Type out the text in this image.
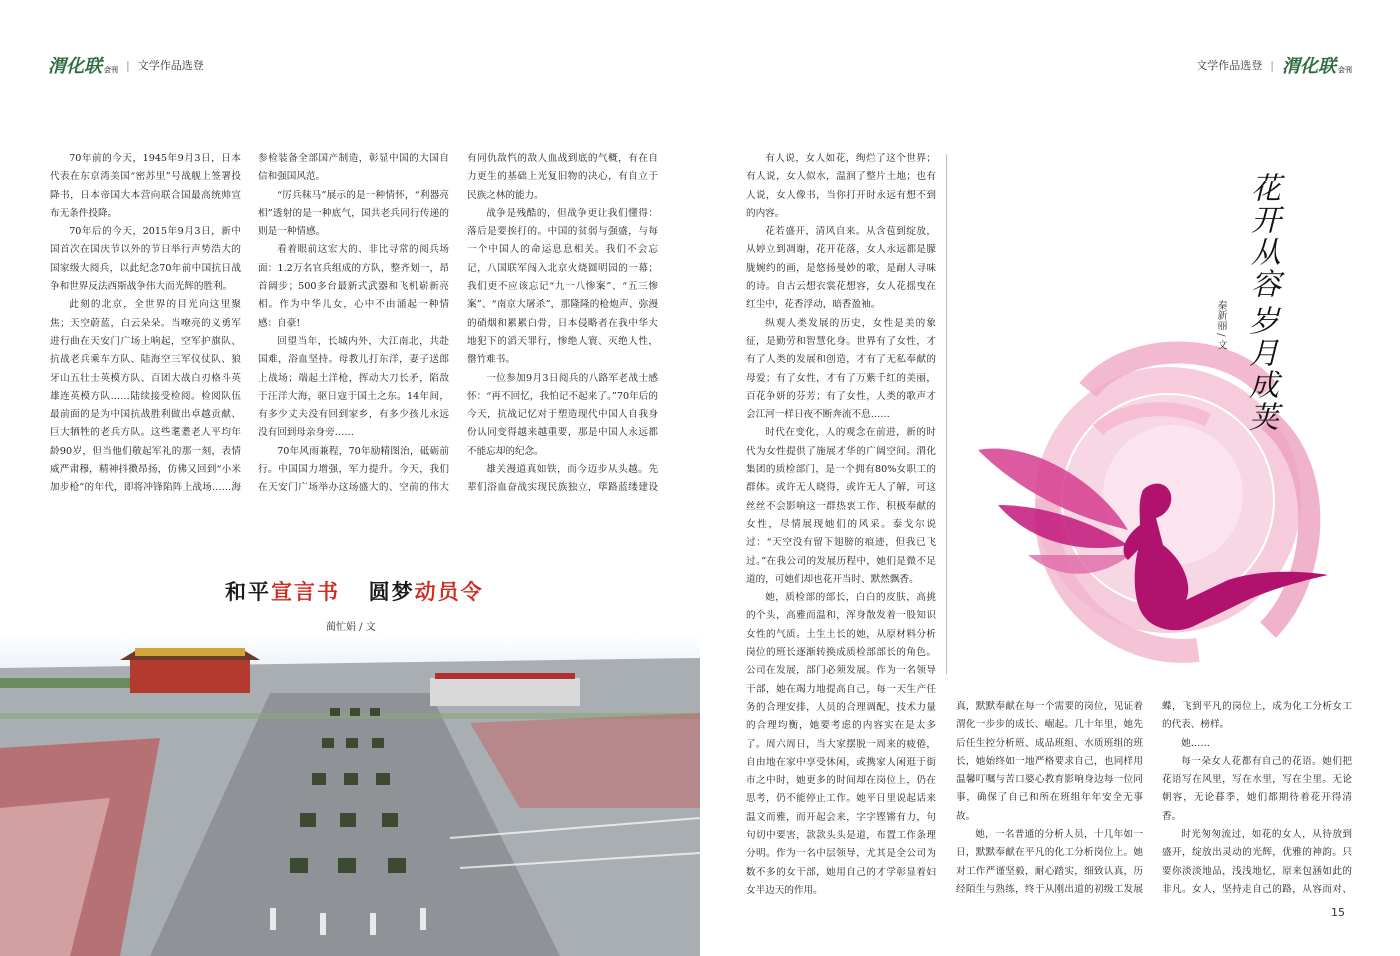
渭化联 会刊 | 文学作品选登	文学作品选登 | 渭化联 会刊

70年前的今天，1945年9月3日，日本代表在东京湾美国“密苏里”号战舰上签署投降书，日本帝国大本营向联合国最高统帅宣布无条件投降。

70年后的今天，2015年9月3日，新中国首次在国庆节以外的节日举行声势浩大的国家级大阅兵，以此纪念70年前中国抗日战争和世界反法西斯战争伟大而光辉的胜利。

此刻的北京，全世界的目光向这里聚焦；天空蔚蓝，白云朵朵。当嘹亮的义勇军进行曲在天安门广场上响起，空军护旗队、抗战老兵乘车方队、陆海空三军仪仗队、狼牙山五壮士英模方队、百团大战白刃格斗英雄连英模方队……陆续接受检阅。检阅队伍最前面的是为中国抗战胜利做出卓越贡献、巨大牺牲的老兵方队。这些耄耋老人平均年龄90岁，但当他们敬起军礼的那一刻，表情威严肃穆，精神抖擞昂扬，仿佛又回到“小米加步枪”的年代，即将冲锋陷阵上战场……海

参检装备全部国产制造，彰显中国的大国自信和强国风范。

“厉兵秣马”展示的是一种情怀，“利器亮相”透射的是一种底气，国共老兵同行传递的则是一种情感。

看着眼前这宏大的、非比寻常的阅兵场面：1.2万名官兵组成的方队，整齐划一，昂首阔步；500多台最新式武器和飞机崭新亮相。作为中华儿女，心中不由涌起一种情感：自豪!

回望当年，长城内外，大江南北，共赴国难，浴血坚持。母教儿打东洋，妻子送郎上战场；端起土洋枪，挥动大刀长矛，陷敌于汪洋大海，驱日寇于国土之东。14年间，有多少丈夫没有回到家乡，有多少孩儿永远没有回到母亲身旁……

70年风雨兼程，70年励精图治，砥砺前行。中国国力增强，军力提升。今天，我们在天安门广场举办这场盛大的、空前的伟大

有同仇敌忾的敌人血战到底的气概，有在自力更生的基础上光复旧物的决心，有自立于民族之林的能力。

战争是残酷的，但战争更让我们懂得：落后是要挨打的。中国的贫弱与强盛，与每一个中国人的命运息息相关。我们不会忘记，八国联军闯入北京火烧圆明园的一幕；我们更不应该忘记“九一八惨案”、“五三惨案”、“南京大屠杀”，那隆隆的枪炮声、弥漫的硝烟和累累白骨，日本侵略者在我中华大地犯下的滔天罪行，惨绝人寰、灭绝人性，罄竹难书。

一位参加9月3日阅兵的八路军老战士感怀：“再不回忆，我怕记不起来了。”70年后的今天，抗战记忆对于塑造现代中国人自我身份认同变得越来越重要，那是中国人永远都不能忘却的纪念。

雄关漫道真如铁，而今迈步从头越。先辈们浴血奋战实现民族独立，筚路蓝缕建设

和平宣言书 圆梦动员令
蔺忙娟 / 文

有人说，女人如花，绚烂了这个世界；有人说，女人似水，温润了整片土地；也有人说，女人像书，当你打开时永远有想不到的内容。

花若盛开，清风自来。从含苞到绽放，从婷立到凋谢，花开花落，女人永远都是朦胧婉约的画，是悠扬曼妙的歌，是耐人寻味的诗。自古云想衣裳花想容，女人花摇曳在红尘中，花香浮动，暗香盈袖。

纵观人类发展的历史，女性是美的象征，是勤劳和智慧化身。世界有了女性，才有了人类的发展和创造，才有了无私奉献的母爱；有了女性，才有了万紫千红的美丽，百花争妍的芬芳；有了女性，人类的歌声才会江河一样日夜不断奔流不息……

时代在变化，人的观念在前进，新的时代为女性提供了施展才华的广阔空间。渭化集团的质检部门，是一个拥有80%女职工的群体。或许无人晓得，或许无人了解，可这丝丝不会影响这一群热衷工作、积极奉献的女性，尽情展现她们的风采。泰戈尔说过：“天空没有留下翅膀的痕迹，但我已飞过。”在我公司的发展历程中，她们是微不足道的，可她们却也花开当时、默然飘香。

她，质检部的部长，白白的皮肤，高挑的个头，高雅而温和，浑身散发着一股知识女性的气质。土生土长的她，从原材料分析岗位的班长逐渐转换成质检部部长的角色。公司在发展，部门必须发展。作为一名领导干部，她在竭力地提高自己，每一天生产任务的合理安排，人员的合理调配，技术力量的合理均衡，她要考虑的内容实在是太多了。周六周日，当大家摆脱一周来的疲倦，自由地在家中享受休闲，或携家人闲逛于街市之中时，她更多的时间却在岗位上，仍在思考，仍不能停止工作。她平日里说起话来温文而雅，而开起会来，字字铿锵有力，句句切中要害，款款头头是道，布置工作条理分明。作为一名中层领导，尤其是全公司为数不多的女干部，她用自己的才学彰显着妇女半边天的作用。

真，默默奉献在每一个需要的岗位，见证着渭化一步步的成长、崛起。几十年里，她先后任生控分析班、成品班组、水质班组的班长，她始终如一地严格要求自己，也同样用温馨叮嘱与苦口婆心教育影响身边每一位同事，确保了自己和所在班组年年安全无事故。

她，一名普通的分析人员，十几年如一日，默默奉献在平凡的化工分析岗位上。她对工作严谨坚毅，耐心踏实，细致认真，历经陌生与熟练，终于从刚出道的初级工发展

蝶，飞到平凡的岗位上，成为化工分析女工的代表、榜样。

她……

每一朵女人花都有自己的花语。她们把花语写在风里，写在水里，写在尘里。无论朝容，无论暮季，她们都期待着花开得清香。

时光匆匆流过，如花的女人，从待放到盛开，绽放出灵动的光辉，优雅的神韵。只要你淡淡地品，浅浅地忆，原来包涵如此的非凡。女人，坚持走自己的路，从容而对、

花开从容
岁月成荚
秦新丽 / 文
15
